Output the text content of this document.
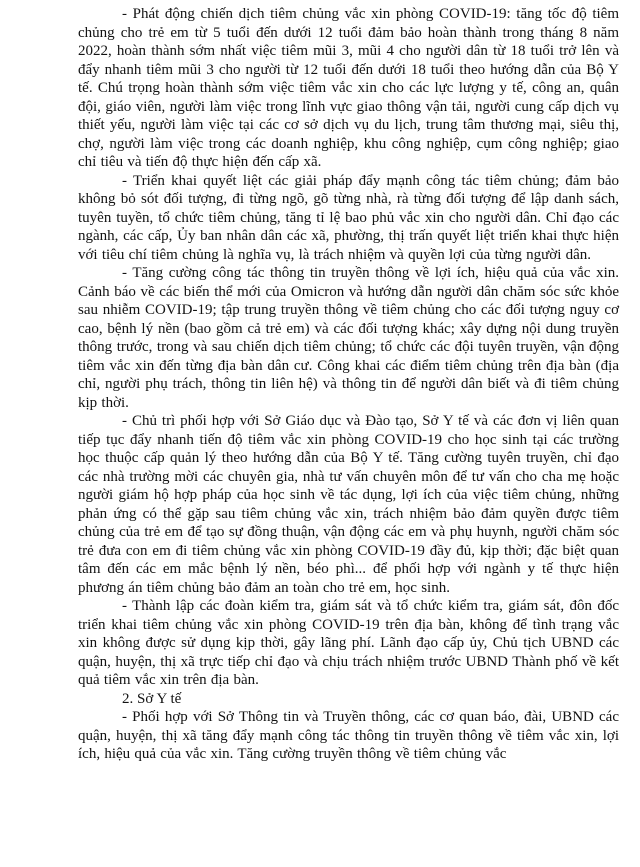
- Phát động chiến dịch tiêm chủng vắc xin phòng COVID-19: tăng tốc độ tiêm chủng cho trẻ em từ 5 tuổi đến dưới 12 tuổi đảm bảo hoàn thành trong tháng 8 năm 2022, hoàn thành sớm nhất việc tiêm mũi 3, mũi 4 cho người dân từ 18 tuổi trở lên và đẩy nhanh tiêm mũi 3 cho người từ 12 tuổi đến dưới 18 tuổi theo hướng dẫn của Bộ Y tế. Chú trọng hoàn thành sớm việc tiêm vắc xin cho các lực lượng y tế, công an, quân đội, giáo viên, người làm việc trong lĩnh vực giao thông vận tải, người cung cấp dịch vụ thiết yếu, người làm việc tại các cơ sở dịch vụ du lịch, trung tâm thương mại, siêu thị, chợ, người làm việc trong các doanh nghiệp, khu công nghiệp, cụm công nghiệp; giao chỉ tiêu và tiến độ thực hiện đến cấp xã.

- Triển khai quyết liệt các giải pháp đẩy mạnh công tác tiêm chủng; đảm bảo không bỏ sót đối tượng, đi từng ngõ, gõ từng nhà, rà từng đối tượng để lập danh sách, tuyên tuyền, tổ chức tiêm chủng, tăng tỉ lệ bao phủ vắc xin cho người dân. Chỉ đạo các ngành, các cấp, Ủy ban nhân dân các xã, phường, thị trấn quyết liệt triển khai thực hiện với tiêu chí tiêm chủng là nghĩa vụ, là trách nhiệm và quyền lợi của từng người dân.

- Tăng cường công tác thông tin truyền thông về lợi ích, hiệu quả của vắc xin. Cảnh báo về các biến thể mới của Omicron và hướng dẫn người dân chăm sóc sức khỏe sau nhiễm COVID-19; tập trung truyền thông về tiêm chủng cho các đối tượng nguy cơ cao, bệnh lý nền (bao gồm cả trẻ em) và các đối tượng khác; xây dựng nội dung truyền thông trước, trong và sau chiến dịch tiêm chủng; tổ chức các đội tuyên truyền, vận động tiêm vắc xin đến từng địa bàn dân cư. Công khai các điểm tiêm chủng trên địa bàn (địa chỉ, người phụ trách, thông tin liên hệ) và thông tin để người dân biết và đi tiêm chủng kịp thời.

- Chủ trì phối hợp với Sở Giáo dục và Đào tạo, Sở Y tế và các đơn vị liên quan tiếp tục đẩy nhanh tiến độ tiêm vắc xin phòng COVID-19 cho học sinh tại các trường học thuộc cấp quản lý theo hướng dẫn của Bộ Y tế. Tăng cường tuyên truyền, chỉ đạo các nhà trường mời các chuyên gia, nhà tư vấn chuyên môn để tư vấn cho cha mẹ hoặc người giám hộ hợp pháp của học sinh về tác dụng, lợi ích của việc tiêm chủng, những phản ứng có thể gặp sau tiêm chủng vắc xin, trách nhiệm bảo đảm quyền được tiêm chủng của trẻ em để tạo sự đồng thuận, vận động các em và phụ huynh, người chăm sóc trẻ đưa con em đi tiêm chủng vắc xin phòng COVID-19 đầy đủ, kịp thời; đặc biệt quan tâm đến các em mắc bệnh lý nền, béo phì... để phối hợp với ngành y tế thực hiện phương án tiêm chủng bảo đảm an toàn cho trẻ em, học sinh.

- Thành lập các đoàn kiểm tra, giám sát và tổ chức kiểm tra, giám sát, đôn đốc triển khai tiêm chủng vắc xin phòng COVID-19 trên địa bàn, không để tình trạng vắc xin không được sử dụng kịp thời, gây lãng phí. Lãnh đạo cấp ủy, Chủ tịch UBND các quận, huyện, thị xã trực tiếp chỉ đạo và chịu trách nhiệm trước UBND Thành phố về kết quả tiêm vắc xin trên địa bàn.

2. Sở Y tế

- Phối hợp với Sở Thông tin và Truyền thông, các cơ quan báo, đài, UBND các quận, huyện, thị xã tăng đẩy mạnh công tác thông tin truyền thông về tiêm vắc xin, lợi ích, hiệu quả của vắc xin. Tăng cường truyền thông về tiêm chủng vắc
